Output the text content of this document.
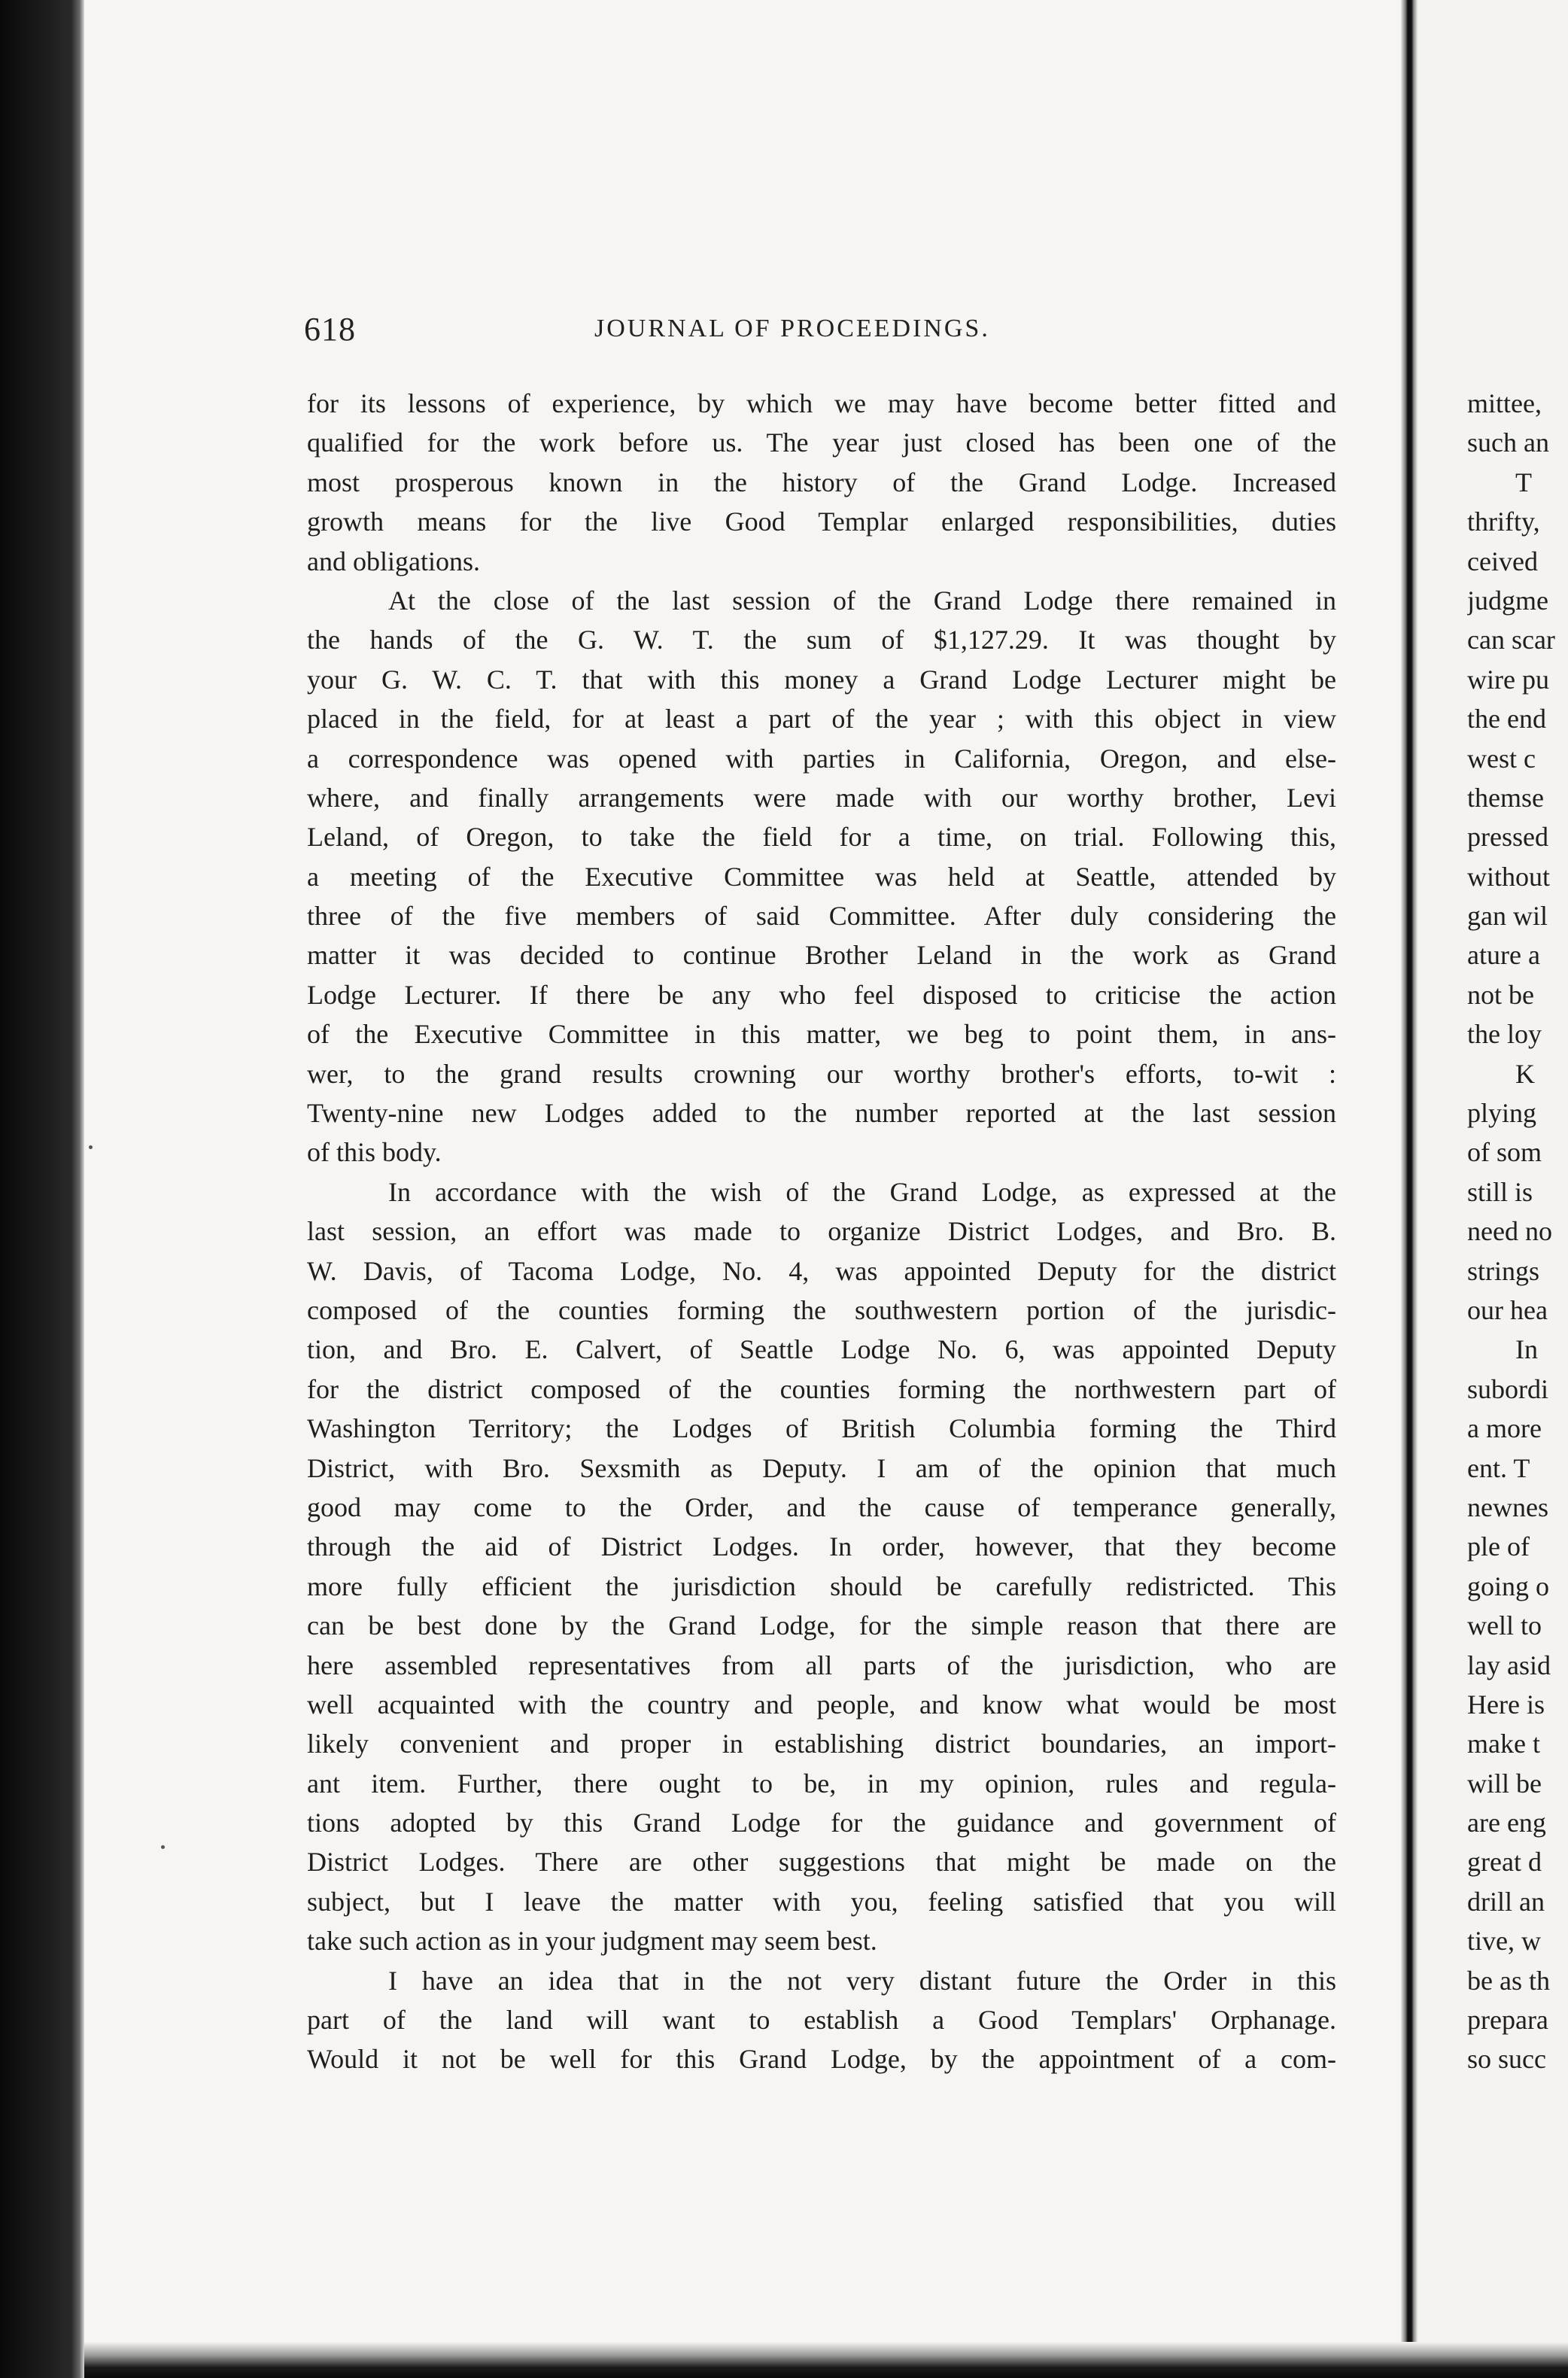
618	JOURNAL OF PROCEEDINGS.
for its lessons of experience, by which we may have become better fitted and
qualified for the work before us. The year just closed has been one of the
most prosperous known in the history of the Grand Lodge. Increased
growth means for the live Good Templar enlarged responsibilities, duties
and obligations.
At the close of the last session of the Grand Lodge there remained in
the hands of the G. W. T. the sum of $1,127.29. It was thought by
your G. W. C. T. that with this money a Grand Lodge Lecturer might be
placed in the field, for at least a part of the year ; with this object in view
a correspondence was opened with parties in California, Oregon, and else-
where, and finally arrangements were made with our worthy brother, Levi
Leland, of Oregon, to take the field for a time, on trial. Following this,
a meeting of the Executive Committee was held at Seattle, attended by
three of the five members of said Committee. After duly considering the
matter it was decided to continue Brother Leland in the work as Grand
Lodge Lecturer. If there be any who feel disposed to criticise the action
of the Executive Committee in this matter, we beg to point them, in ans-
wer, to the grand results crowning our worthy brother's efforts, to-wit :
Twenty-nine new Lodges added to the number reported at the last session
of this body.
In accordance with the wish of the Grand Lodge, as expressed at the
last session, an effort was made to organize District Lodges, and Bro. B.
W. Davis, of Tacoma Lodge, No. 4, was appointed Deputy for the district
composed of the counties forming the southwestern portion of the jurisdic-
tion, and Bro. E. Calvert, of Seattle Lodge No. 6, was appointed Deputy
for the district composed of the counties forming the northwestern part of
Washington Territory; the Lodges of British Columbia forming the Third
District, with Bro. Sexsmith as Deputy. I am of the opinion that much
good may come to the Order, and the cause of temperance generally,
through the aid of District Lodges. In order, however, that they become
more fully efficient the jurisdiction should be carefully redistricted. This
can be best done by the Grand Lodge, for the simple reason that there are
here assembled representatives from all parts of the jurisdiction, who are
well acquainted with the country and people, and know what would be most
likely convenient and proper in establishing district boundaries, an import-
ant item. Further, there ought to be, in my opinion, rules and regula-
tions adopted by this Grand Lodge for the guidance and government of
District Lodges. There are other suggestions that might be made on the
subject, but I leave the matter with you, feeling satisfied that you will
take such action as in your judgment may seem best.
I have an idea that in the not very distant future the Order in this
part of the land will want to establish a Good Templars' Orphanage.
Would it not be well for this Grand Lodge, by the appointment of a com-
mittee,
such an
T
thrifty,
ceived
judgme
can scar
wire pu
the end
west c
themse
pressed
without
gan wil
ature a
not be
the loy
K
plying
of som
still is
need no
strings
our hea
In
subordi
a more
ent. T
newnes
ple of
going o
well to
lay asid
Here is
make t
will be
are eng
great d
drill an
tive, w
be as th
prepara
so succ
